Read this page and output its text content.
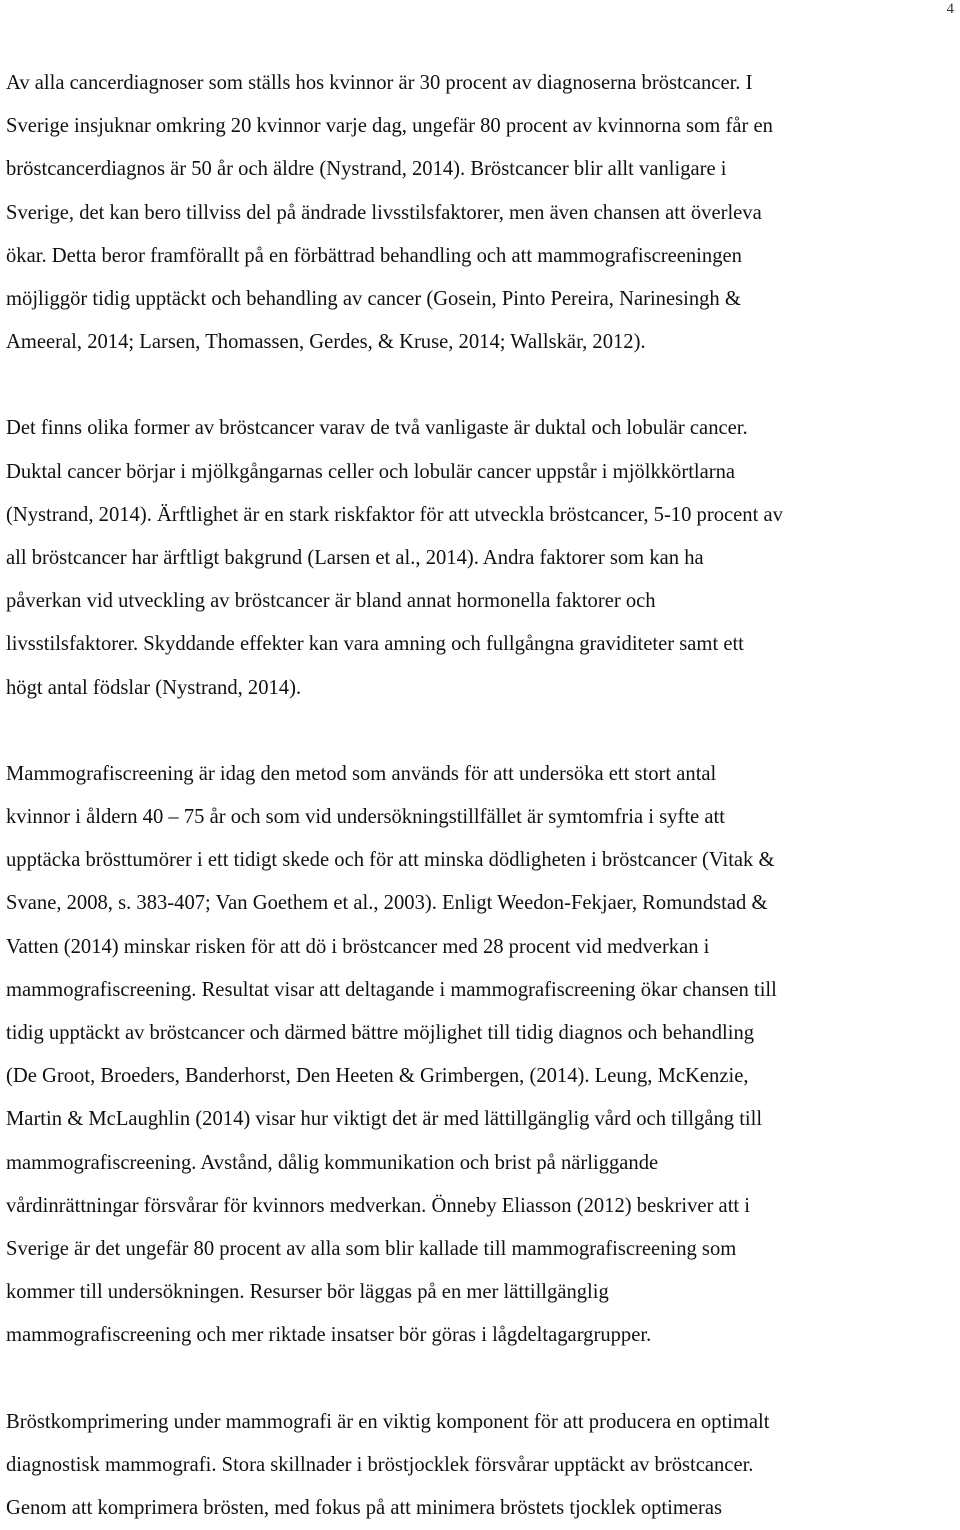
4

Av alla cancerdiagnoser som ställs hos kvinnor är 30 procent av diagnoserna bröstcancer. I
Sverige insjuknar omkring 20 kvinnor varje dag, ungefär 80 procent av kvinnorna som får en
bröstcancerdiagnos är 50 år och äldre (Nystrand, 2014). Bröstcancer blir allt vanligare i
Sverige, det kan bero tillviss del på ändrade livsstilsfaktorer, men även chansen att överleva
ökar. Detta beror framförallt på en förbättrad behandling och att mammografiscreeningen
möjliggör tidig upptäckt och behandling av cancer (Gosein, Pinto Pereira, Narinesingh &
Ameeral, 2014; Larsen, Thomassen, Gerdes, & Kruse, 2014; Wallskär, 2012).

Det finns olika former av bröstcancer varav de två vanligaste är duktal och lobulär cancer.
Duktal cancer börjar i mjölkgångarnas celler och lobulär cancer uppstår i mjölkkörtlarna
(Nystrand, 2014). Ärftlighet är en stark riskfaktor för att utveckla bröstcancer, 5-10 procent av
all bröstcancer har ärftligt bakgrund (Larsen et al., 2014). Andra faktorer som kan ha
påverkan vid utveckling av bröstcancer är bland annat hormonella faktorer och
livsstilsfaktorer. Skyddande effekter kan vara amning och fullgångna graviditeter samt ett
högt antal födslar (Nystrand, 2014).

Mammografiscreening är idag den metod som används för att undersöka ett stort antal
kvinnor i åldern 40 – 75 år och som vid undersökningstillfället är symtomfria i syfte att
upptäcka brösttumörer i ett tidigt skede och för att minska dödligheten i bröstcancer (Vitak &
Svane, 2008, s. 383-407; Van Goethem et al., 2003). Enligt Weedon-Fekjaer, Romundstad &
Vatten (2014) minskar risken för att dö i bröstcancer med 28 procent vid medverkan i
mammografiscreening. Resultat visar att deltagande i mammografiscreening ökar chansen till
tidig upptäckt av bröstcancer och därmed bättre möjlighet till tidig diagnos och behandling
(De Groot, Broeders, Banderhorst, Den Heeten & Grimbergen, (2014). Leung, McKenzie,
Martin & McLaughlin (2014) visar hur viktigt det är med lättillgänglig vård och tillgång till
mammografiscreening. Avstånd, dålig kommunikation och brist på närliggande
vårdinrättningar försvårar för kvinnors medverkan. Önneby Eliasson (2012) beskriver att i
Sverige är det ungefär 80 procent av alla som blir kallade till mammografiscreening som
kommer till undersökningen. Resurser bör läggas på en mer lättillgänglig
mammografiscreening och mer riktade insatser bör göras i lågdeltagargrupper.

Bröstkomprimering under mammografi är en viktig komponent för att producera en optimalt
diagnostisk mammografi. Stora skillnader i bröstjocklek försvårar upptäckt av bröstcancer.
Genom att komprimera brösten, med fokus på att minimera bröstets tjocklek optimeras
